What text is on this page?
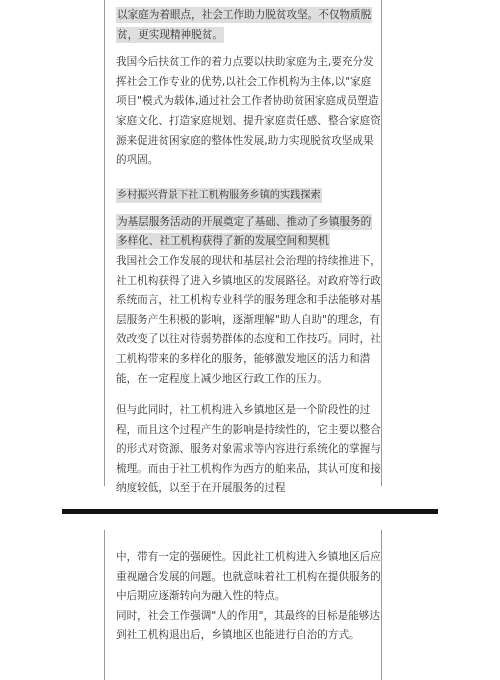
以家庭为着眼点，社会工作助力脱贫攻坚。不仅物质脱贫，更实现精神脱贫。

我国今后扶贫工作的着力点要以扶助家庭为主,要充分发挥社会工作专业的优势,以社会工作机构为主体,以"家庭项目"模式为载体,通过社会工作者协助贫困家庭成员塑造家庭文化、打造家庭规划、提升家庭责任感、整合家庭资源来促进贫困家庭的整体性发展,助力实现脱贫攻坚成果的巩固。

乡村振兴背景下社工机构服务乡镇的实践探索

为基层服务活动的开展奠定了基础、推动了乡镇服务的多样化、社工机构获得了新的发展空间和契机

我国社会工作发展的现状和基层社会治理的持续推进下，社工机构获得了进入乡镇地区的发展路径。对政府等行政系统而言，社工机构专业科学的服务理念和手法能够对基层服务产生积极的影响，逐渐理解"助人自助"的理念，有效改变了以往对待弱势群体的态度和工作技巧。同时，社工机构带来的多样化的服务，能够激发地区的活力和潜能，在一定程度上减少地区行政工作的压力。

但与此同时，社工机构进入乡镇地区是一个阶段性的过程，而且这个过程产生的影响是持续性的，它主要以整合的形式对资源、服务对象需求等内容进行系统化的掌握与梳理。而由于社工机构作为西方的舶来品，其认可度和接纳度较低，以至于在开展服务的过程

中，带有一定的强硬性。因此社工机构进入乡镇地区后应重视融合发展的问题。也就意味着社工机构在提供服务的中后期应逐渐转向为融入性的特点。

同时，社会工作强调"人的作用"，其最终的目标是能够达到社工机构退出后，乡镇地区也能进行自治的方式。
